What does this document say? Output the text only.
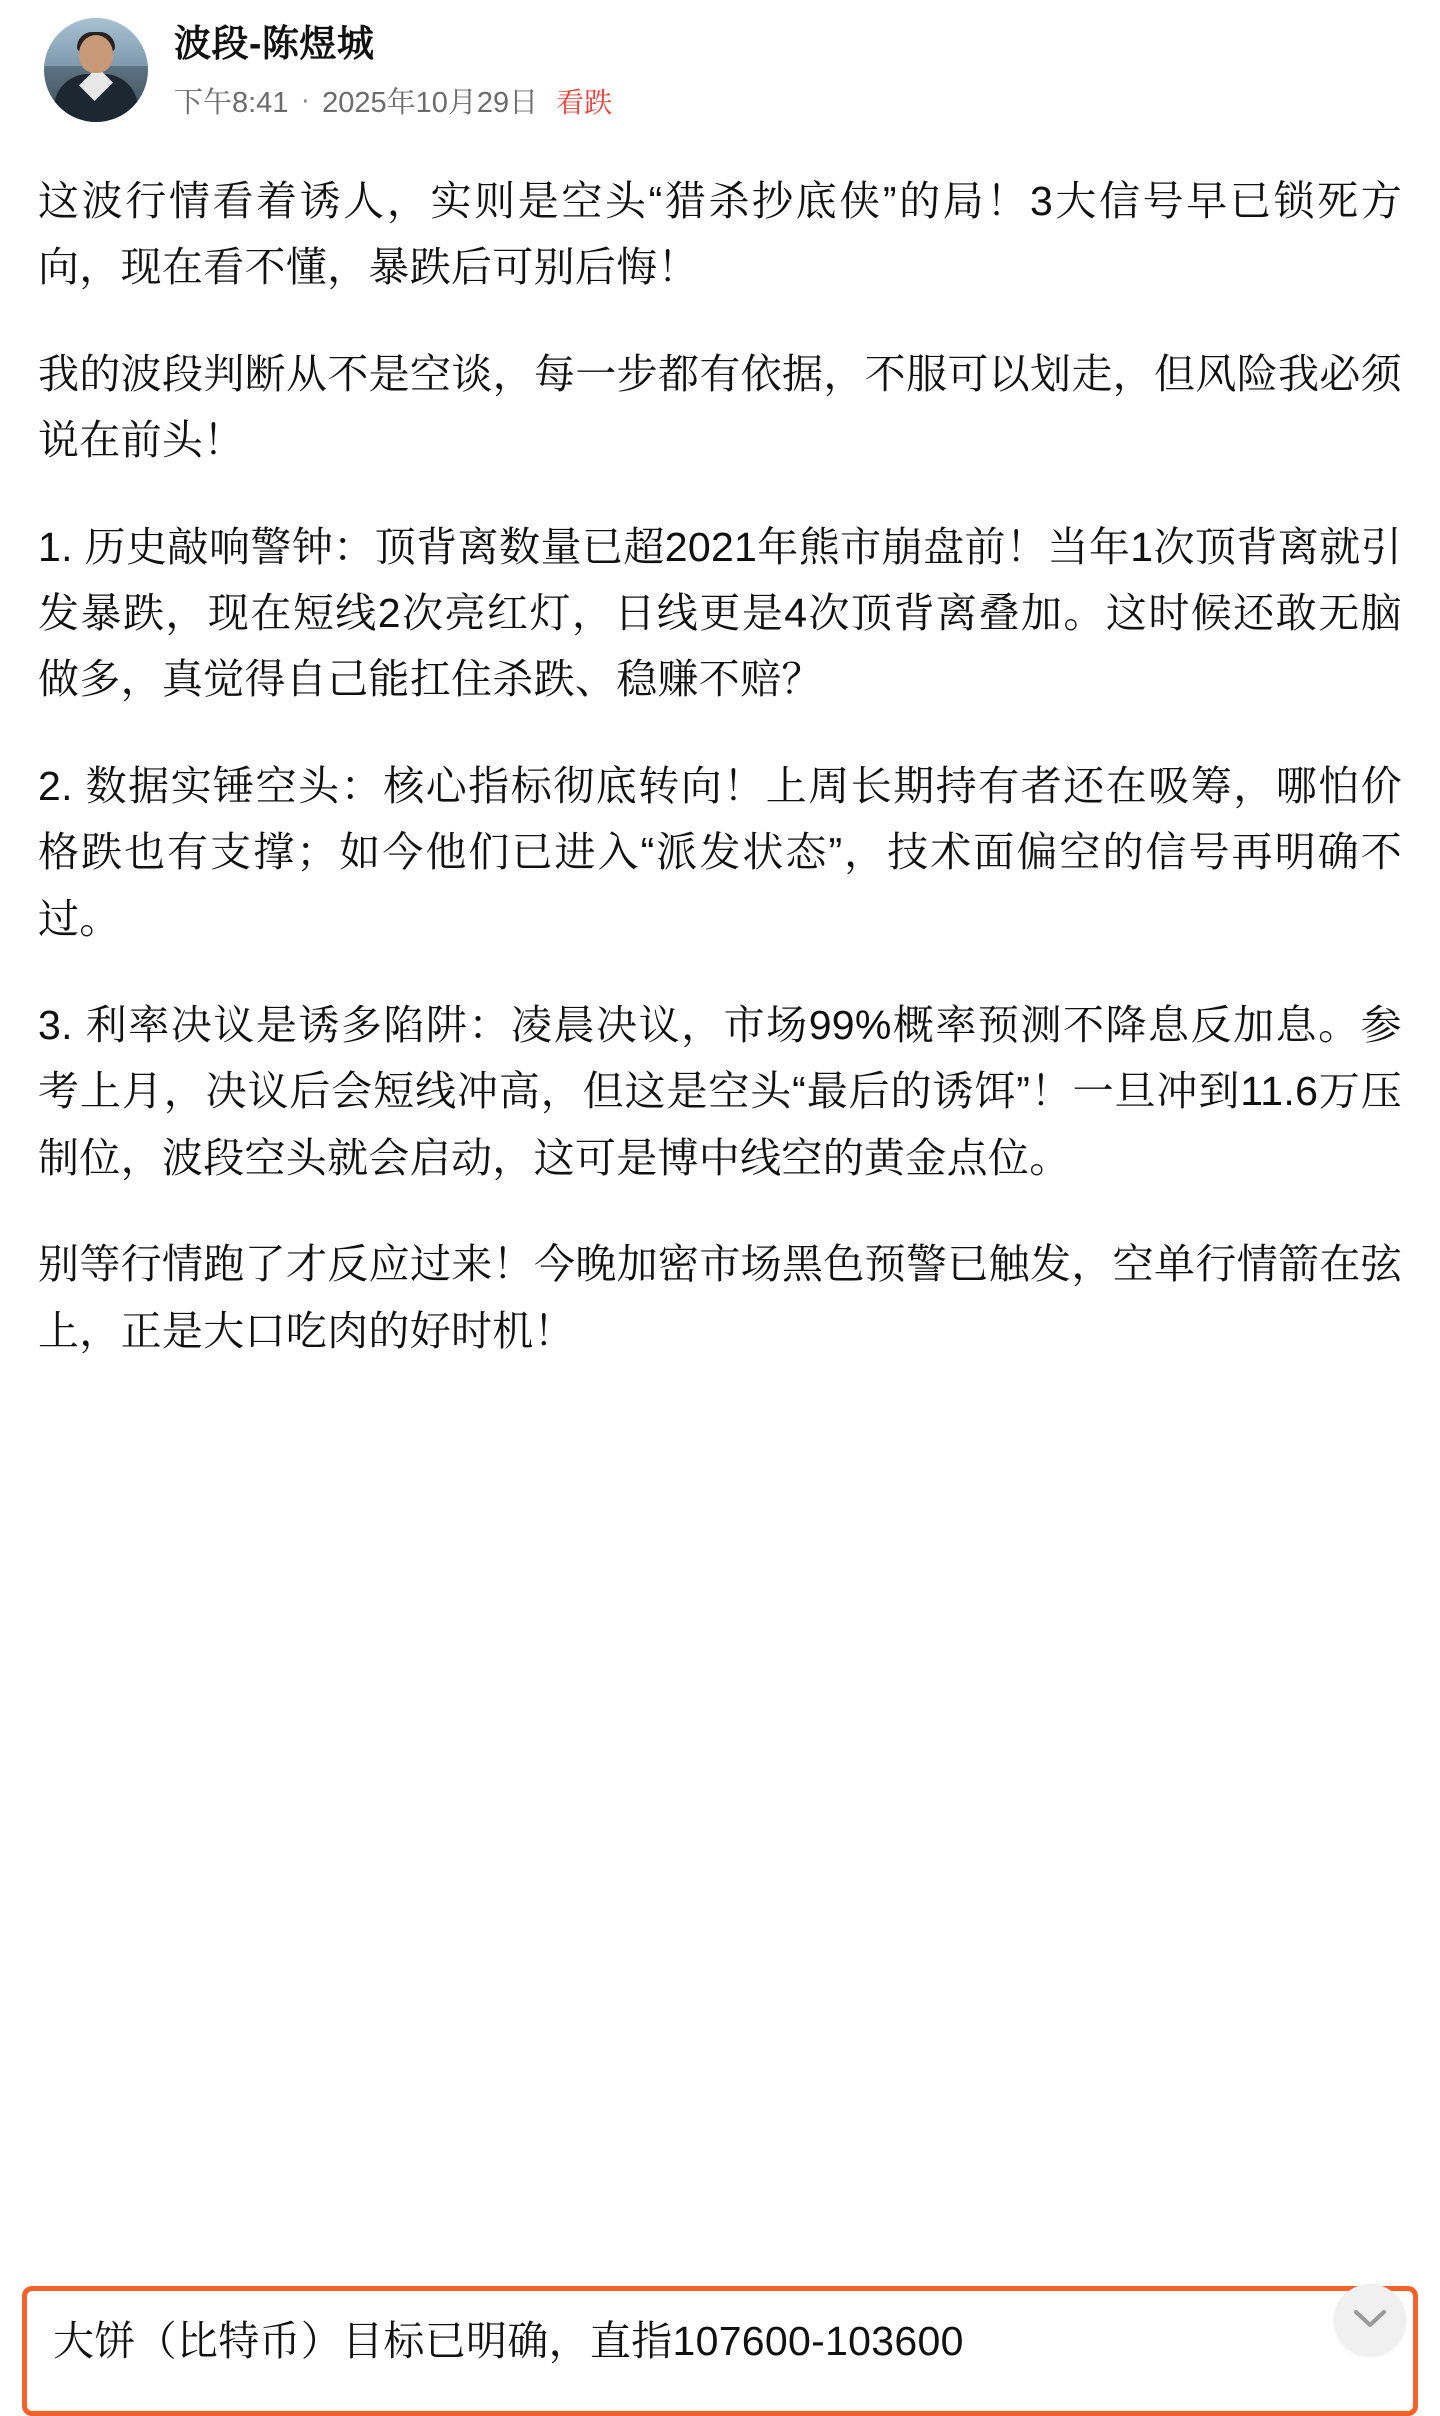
波段-陈煜城
下午8:41 · 2025年10月29日 看跌

这波行情看着诱人，实则是空头“猎杀抄底侠”的局！3大信号早已锁死方向，现在看不懂，暴跌后可别后悔！

我的波段判断从不是空谈，每一步都有依据，不服可以划走，但风险我必须说在前头！

1. 历史敲响警钟：顶背离数量已超2021年熊市崩盘前！当年1次顶背离就引发暴跌，现在短线2次亮红灯，日线更是4次顶背离叠加。这时候还敢无脑做多，真觉得自己能扛住杀跌、稳赚不赔？

2. 数据实锤空头：核心指标彻底转向！上周长期持有者还在吸筹，哪怕价格跌也有支撑；如今他们已进入“派发状态”，技术面偏空的信号再明确不过。

3. 利率决议是诱多陷阱：凌晨决议，市场99%概率预测不降息反加息。参考上月，决议后会短线冲高，但这是空头“最后的诱饵”！一旦冲到11.6万压制位，波段空头就会启动，这可是博中线空的黄金点位。

别等行情跑了才反应过来！今晚加密市场黑色预警已触发，空单行情箭在弦上，正是大口吃肉的好时机！

大饼（比特币）目标已明确，直指107600-103600
